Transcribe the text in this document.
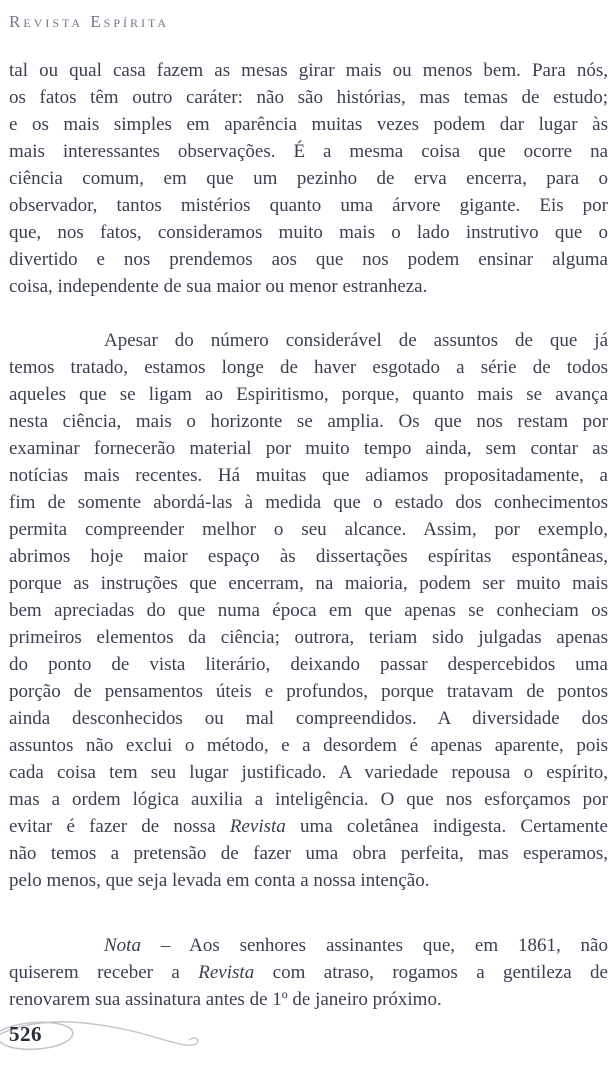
Revista Espírita
tal ou qual casa fazem as mesas girar mais ou menos bem. Para nós,
os fatos têm outro caráter: não são histórias, mas temas de estudo;
e os mais simples em aparência muitas vezes podem dar lugar às
mais interessantes observações. É a mesma coisa que ocorre na
ciência comum, em que um pezinho de erva encerra, para o
observador, tantos mistérios quanto uma árvore gigante. Eis por
que, nos fatos, consideramos muito mais o lado instrutivo que o
divertido e nos prendemos aos que nos podem ensinar alguma
coisa, independente de sua maior ou menor estranheza.
Apesar do número considerável de assuntos de que já
temos tratado, estamos longe de haver esgotado a série de todos
aqueles que se ligam ao Espiritismo, porque, quanto mais se avança
nesta ciência, mais o horizonte se amplia. Os que nos restam por
examinar fornecerão material por muito tempo ainda, sem contar as
notícias mais recentes. Há muitas que adiamos propositadamente, a
fim de somente abordá-las à medida que o estado dos conhecimentos
permita compreender melhor o seu alcance. Assim, por exemplo,
abrimos hoje maior espaço às dissertações espíritas espontâneas,
porque as instruções que encerram, na maioria, podem ser muito mais
bem apreciadas do que numa época em que apenas se conheciam os
primeiros elementos da ciência; outrora, teriam sido julgadas apenas
do ponto de vista literário, deixando passar despercebidos uma
porção de pensamentos úteis e profundos, porque tratavam de pontos
ainda desconhecidos ou mal compreendidos. A diversidade dos
assuntos não exclui o método, e a desordem é apenas aparente, pois
cada coisa tem seu lugar justificado. A variedade repousa o espírito,
mas a ordem lógica auxilia a inteligência. O que nos esforçamos por
evitar é fazer de nossa Revista uma coletânea indigesta. Certamente
não temos a pretensão de fazer uma obra perfeita, mas esperamos,
pelo menos, que seja levada em conta a nossa intenção.
Nota – Aos senhores assinantes que, em 1861, não
quiserem receber a Revista com atraso, rogamos a gentileza de
renovarem sua assinatura antes de 1º de janeiro próximo.
526
